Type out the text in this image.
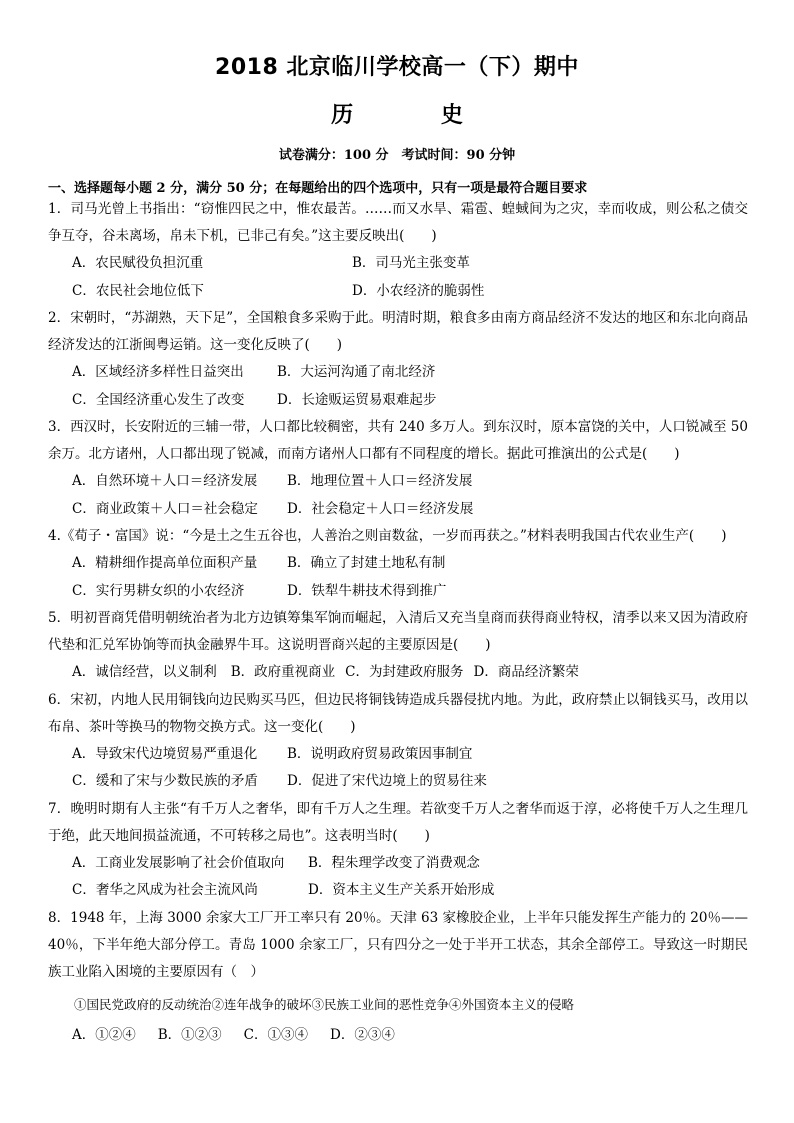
2018 北京临川学校高一（下）期中
历 史
试卷满分：100 分　考试时间：90 分钟
一、选择题每小题 2 分，满分 50 分；在每题给出的四个选项中，只有一项是最符合题目要求

1．司马光曾上书指出：“窃惟四民之中，惟农最苦。……而又水旱、霜雹、蝗蜮间为之灾，幸而收成，则公私之债交争互夺，谷未离场，帛未下机，已非己有矣。”这主要反映出(　　)

A．农民赋役负担沉重	B．司马光主张变革
C．农民社会地位低下	D．小农经济的脆弱性

2．宋朝时，“苏湖熟，天下足”，全国粮食多采购于此。明清时期，粮食多由南方商品经济不发达的地区和东北向商品经济发达的江浙闽粤运销。这一变化反映了(　　)

A．区域经济多样性日益突出	B．大运河沟通了南北经济
C．全国经济重心发生了改变	D．长途贩运贸易艰难起步

3．西汉时，长安附近的三辅一带，人口都比较稠密，共有 240 多万人。到东汉时，原本富饶的关中，人口锐减至 50 余万。北方诸州，人口都出现了锐减，而南方诸州人口都有不同程度的增长。据此可推演出的公式是(　　)

A．自然环境＋人口＝经济发展	B．地理位置＋人口＝经济发展
C．商业政策＋人口＝社会稳定	D．社会稳定＋人口＝经济发展

4.《荀子・富国》说：“今是土之生五谷也，人善治之则亩数盆，一岁而再获之。”材料表明我国古代农业生产(　　)

A．精耕细作提高单位面积产量	B．确立了封建土地私有制
C．实行男耕女织的小农经济	D．铁犁牛耕技术得到推广

5．明初晋商凭借明朝统治者为北方边镇筹集军饷而崛起，入清后又充当皇商而获得商业特权，清季以来又因为清政府代垫和汇兑军协饷等而执金融界牛耳。这说明晋商兴起的主要原因是(　　)

A．诚信经营，以义制利 B．政府重视商业 C．为封建政府服务 D．商品经济繁荣

6．宋初，内地人民用铜钱向边民购买马匹，但边民将铜钱铸造成兵器侵扰内地。为此，政府禁止以铜钱买马，改用以布帛、茶叶等换马的物物交换方式。这一变化(　　)

A．导致宋代边境贸易严重退化	B．说明政府贸易政策因事制宜
C．缓和了宋与少数民族的矛盾	D．促进了宋代边境上的贸易往来

7．晚明时期有人主张“有千万人之奢华，即有千万人之生理。若欲变千万人之奢华而返于淳，必将使千万人之生理几于绝，此天地间损益流通，不可转移之局也”。这表明当时(　　)

A．工商业发展影响了社会价值取向	B．程朱理学改变了消费观念
C．奢华之风成为社会主流风尚	D．资本主义生产关系开始形成

8．1948 年，上海 3000 余家大工厂开工率只有 20％。天津 63 家橡胶企业，上半年只能发挥生产能力的 20％——40％，下半年绝大部分停工。青岛 1000 余家工厂，只有四分之一处于半开工状态，其余全部停工。导致这一时期民族工业陷入困境的主要原因有（　）

①国民党政府的反动统治②连年战争的破坏③民族工业间的恶性竞争④外国资本主义的侵略
A．①②④ B．①②③ C．①③④ D．②③④
